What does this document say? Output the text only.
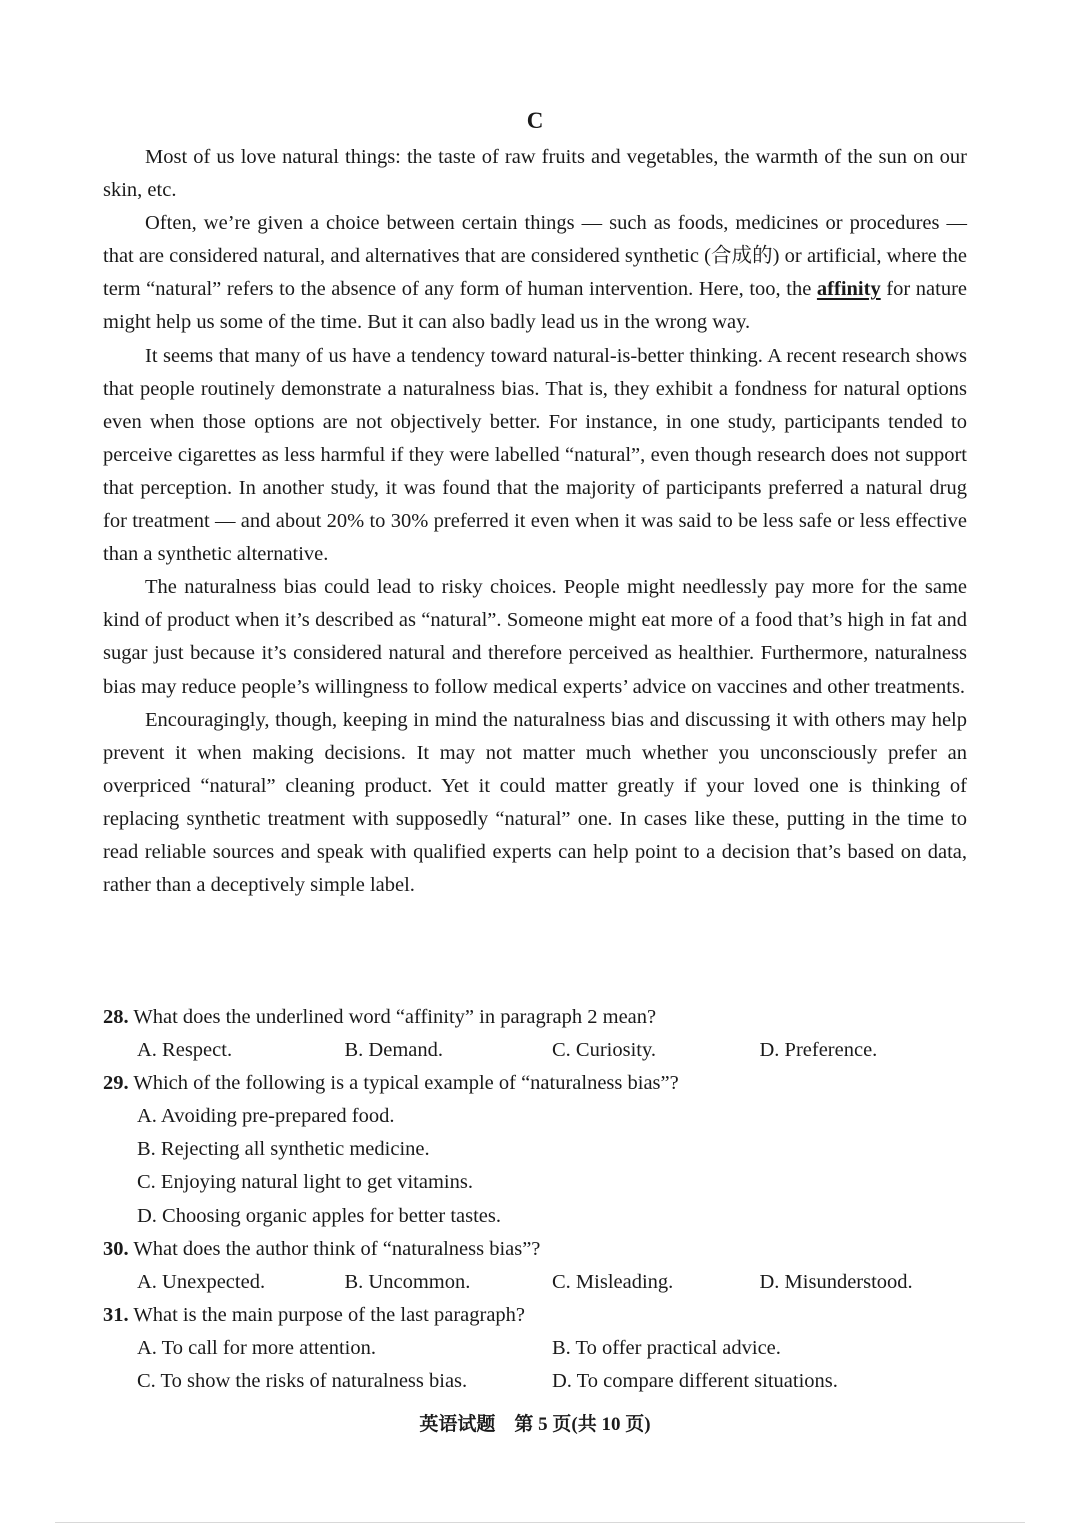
C

Most of us love natural things: the taste of raw fruits and vegetables, the warmth of the sun on our skin, etc.

Often, we’re given a choice between certain things — such as foods, medicines or procedures — that are considered natural, and alternatives that are considered synthetic (合成的) or artificial, where the term “natural” refers to the absence of any form of human intervention. Here, too, the affinity for nature might help us some of the time. But it can also badly lead us in the wrong way.

It seems that many of us have a tendency toward natural-is-better thinking. A recent research shows that people routinely demonstrate a naturalness bias. That is, they exhibit a fondness for natural options even when those options are not objectively better. For instance, in one study, participants tended to perceive cigarettes as less harmful if they were labelled “natural”, even though research does not support that perception. In another study, it was found that the majority of participants preferred a natural drug for treatment — and about 20% to 30% preferred it even when it was said to be less safe or less effective than a synthetic alternative.

The naturalness bias could lead to risky choices. People might needlessly pay more for the same kind of product when it’s described as “natural”. Someone might eat more of a food that’s high in fat and sugar just because it’s considered natural and therefore perceived as healthier. Furthermore, naturalness bias may reduce people’s willingness to follow medical experts’ advice on vaccines and other treatments.

Encouragingly, though, keeping in mind the naturalness bias and discussing it with others may help prevent it when making decisions. It may not matter much whether you unconsciously prefer an overpriced “natural” cleaning product. Yet it could matter greatly if your loved one is thinking of replacing synthetic treatment with supposedly “natural” one. In cases like these, putting in the time to read reliable sources and speak with qualified experts can help point to a decision that’s based on data, rather than a deceptively simple label.

28. What does the underlined word “affinity” in paragraph 2 mean?
A. Respect.	B. Demand.	C. Curiosity.	D. Preference.
29. Which of the following is a typical example of “naturalness bias”?
A. Avoiding pre-prepared food.
B. Rejecting all synthetic medicine.
C. Enjoying natural light to get vitamins.
D. Choosing organic apples for better tastes.
30. What does the author think of “naturalness bias”?
A. Unexpected.	B. Uncommon.	C. Misleading.	D. Misunderstood.
31. What is the main purpose of the last paragraph?
A. To call for more attention.	B. To offer practical advice.
C. To show the risks of naturalness bias.	D. To compare different situations.
英语试题　第 5 页(共 10 页)
